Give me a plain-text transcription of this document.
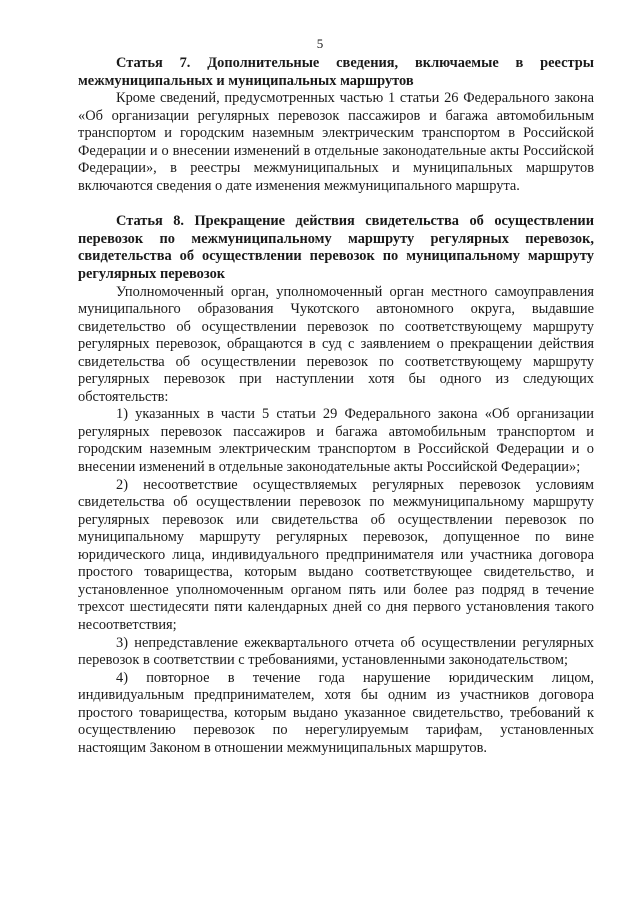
5

Статья 7. Дополнительные сведения, включаемые в реестры межмуниципальных и муниципальных маршрутов

Кроме сведений, предусмотренных частью 1 статьи 26 Федерального закона «Об организации регулярных перевозок пассажиров и багажа автомобильным транспортом и городским наземным электрическим транспортом в Российской Федерации и о внесении изменений в отдельные законодательные акты Российской Федерации», в реестры межмуниципальных и муниципальных маршрутов включаются сведения о дате изменения межмуниципального маршрута.

Статья 8. Прекращение действия свидетельства об осуществлении перевозок по межмуниципальному маршруту регулярных перевозок, свидетельства об осуществлении перевозок по муниципальному маршруту регулярных перевозок

Уполномоченный орган, уполномоченный орган местного самоуправления муниципального образования Чукотского автономного округа, выдавшие свидетельство об осуществлении перевозок по соответствующему маршруту регулярных перевозок, обращаются в суд с заявлением о прекращении действия свидетельства об осуществлении перевозок по соответствующему маршруту регулярных перевозок при наступлении хотя бы одного из следующих обстоятельств:

1) указанных в части 5 статьи 29 Федерального закона «Об организации регулярных перевозок пассажиров и багажа автомобильным транспортом и городским наземным электрическим транспортом в Российской Федерации и о внесении изменений в отдельные законодательные акты Российской Федерации»;

2) несоответствие осуществляемых регулярных перевозок условиям свидетельства об осуществлении перевозок по межмуниципальному маршруту регулярных перевозок или свидетельства об осуществлении перевозок по муниципальному маршруту регулярных перевозок, допущенное по вине юридического лица, индивидуального предпринимателя или участника договора простого товарищества, которым выдано соответствующее свидетельство, и установленное уполномоченным органом пять или более раз подряд в течение трехсот шестидесяти пяти календарных дней со дня первого установления такого несоответствия;

3) непредставление ежеквартального отчета об осуществлении регулярных перевозок в соответствии с требованиями, установленными законодательством;

4) повторное в течение года нарушение юридическим лицом, индивидуальным предпринимателем, хотя бы одним из участников договора простого товарищества, которым выдано указанное свидетельство, требований к осуществлению перевозок по нерегулируемым тарифам, установленных настоящим Законом в отношении межмуниципальных маршрутов.
